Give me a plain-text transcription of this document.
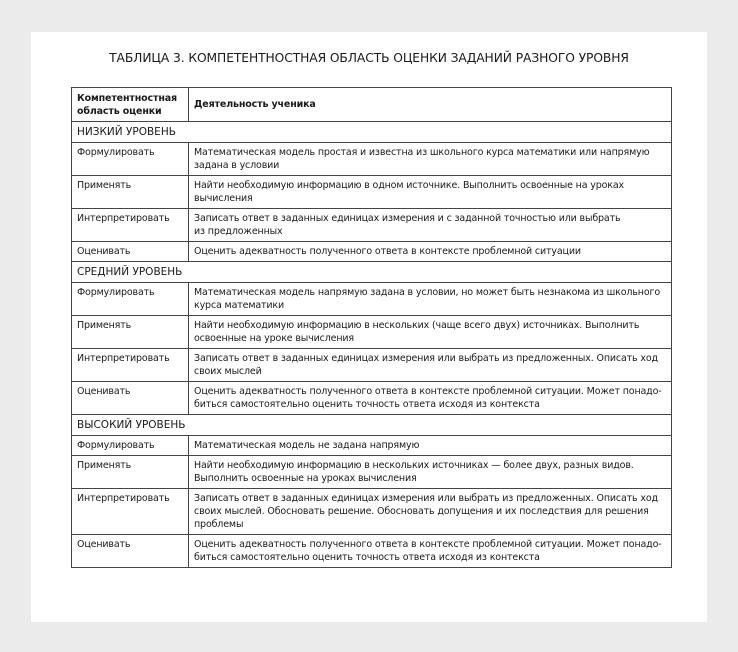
ТАБЛИЦА 3. КОМПЕТЕНТНОСТНАЯ ОБЛАСТЬ ОЦЕНКИ ЗАДАНИЙ РАЗНОГО УРОВНЯ
Компетентностная
область оценки	Деятельность ученика
НИЗКИЙ УРОВЕНЬ	
Формулировать	Математическая модель простая и известна из школьного курса математики или напрямую
задана в условии

Применять	Найти необходимую информацию в одном источнике. Выполнить освоенные на уроках
вычисления

Интерпретировать	Записать ответ в заданных единицах измерения и с заданной точностью или выбрать
из предложенных

Оценивать	Оценить адекватность полученного ответа в контексте проблемной ситуации

СРЕДНИЙ УРОВЕНЬ	
Формулировать	Математическая модель напрямую задана в условии, но может быть незнакома из школьного
курса математики

Применять	Найти необходимую информацию в нескольких (чаще всего двух) источниках. Выполнить
освоенные на уроке вычисления

Интерпретировать	Записать ответ в заданных единицах измерения или выбрать из предложенных. Описать ход
своих мыслей

Оценивать	Оценить адекватность полученного ответа в контексте проблемной ситуации. Может понадо-
биться самостоятельно оценить точность ответа исходя из контекста

ВЫСОКИЙ УРОВЕНЬ	
Формулировать	Математическая модель не задана напрямую

Применять	Найти необходимую информацию в нескольких источниках — более двух, разных видов.
Выполнить освоенные на уроках вычисления

Интерпретировать	Записать ответ в заданных единицах измерения или выбрать из предложенных. Описать ход
своих мыслей. Обосновать решение. Обосновать допущения и их последствия для решения
проблемы

Оценивать	Оценить адекватность полученного ответа в контексте проблемной ситуации. Может понадо-
биться самостоятельно оценить точность ответа исходя из контекста
